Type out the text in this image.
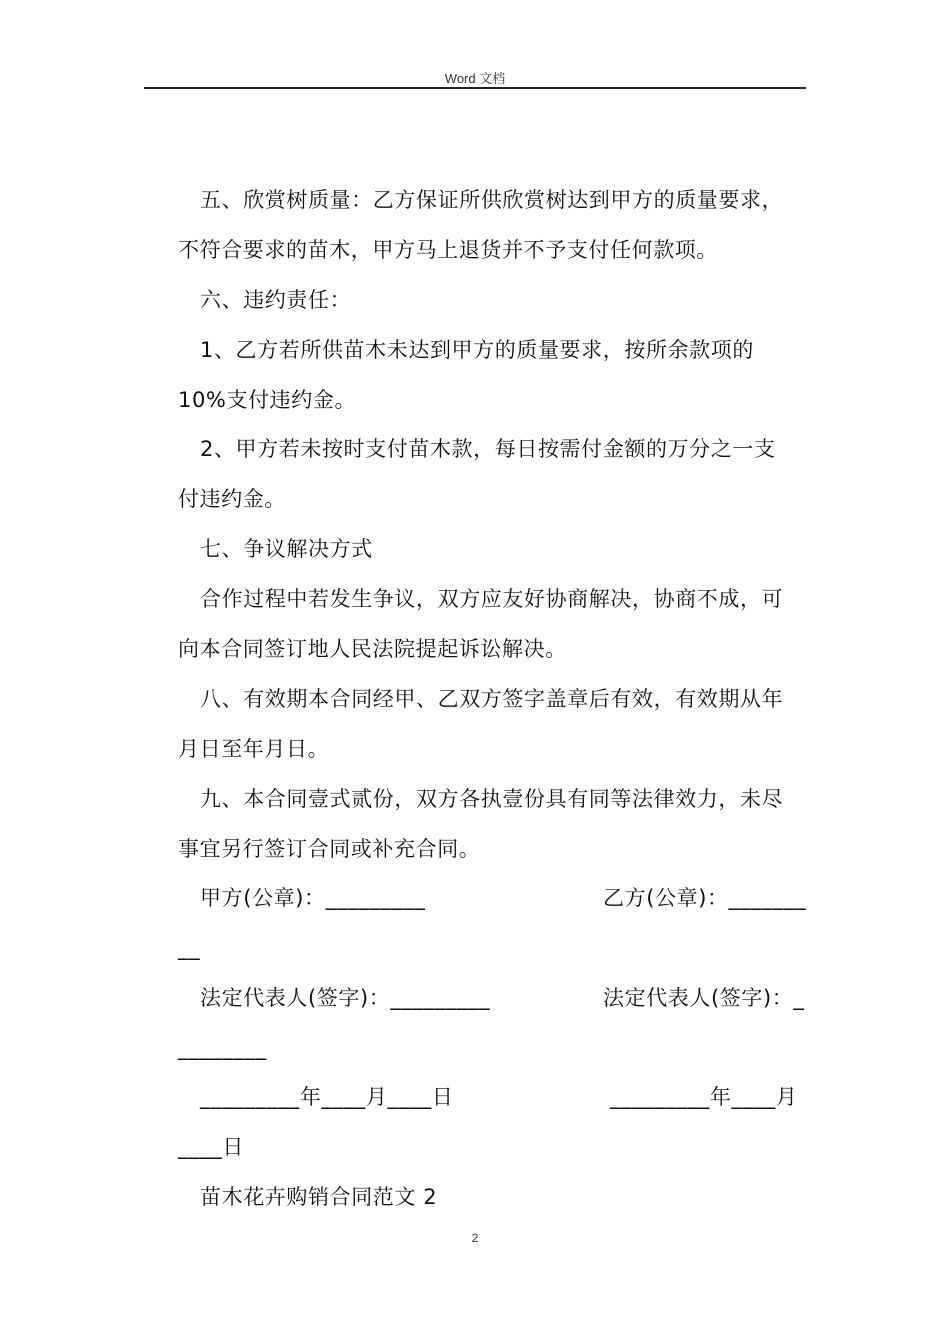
Word 文档
五、欣赏树质量：乙方保证所供欣赏树达到甲方的质量要求，
不符合要求的苗木，甲方马上退货并不予支付任何款项。
六、违约责任：
1、乙方若所供苗木未达到甲方的质量要求，按所余款项的
10%支付违约金。
2、甲方若未按时支付苗木款，每日按需付金额的万分之一支
付违约金。
七、争议解决方式
合作过程中若发生争议，双方应友好协商解决，协商不成，可
向本合同签订地人民法院提起诉讼解决。
八、有效期本合同经甲、乙双方签字盖章后有效，有效期从年
月日至年月日。
九、本合同壹式贰份，双方各执壹份具有同等法律效力，未尽
事宜另行签订合同或补充合同。
甲方(公章)：_________	乙方(公章)：_______
__
法定代表人(签字)：_________	法定代表人(签字)：_
________
_________年____月____日	_________年____月
____日
苗木花卉购销合同范文 2
2
